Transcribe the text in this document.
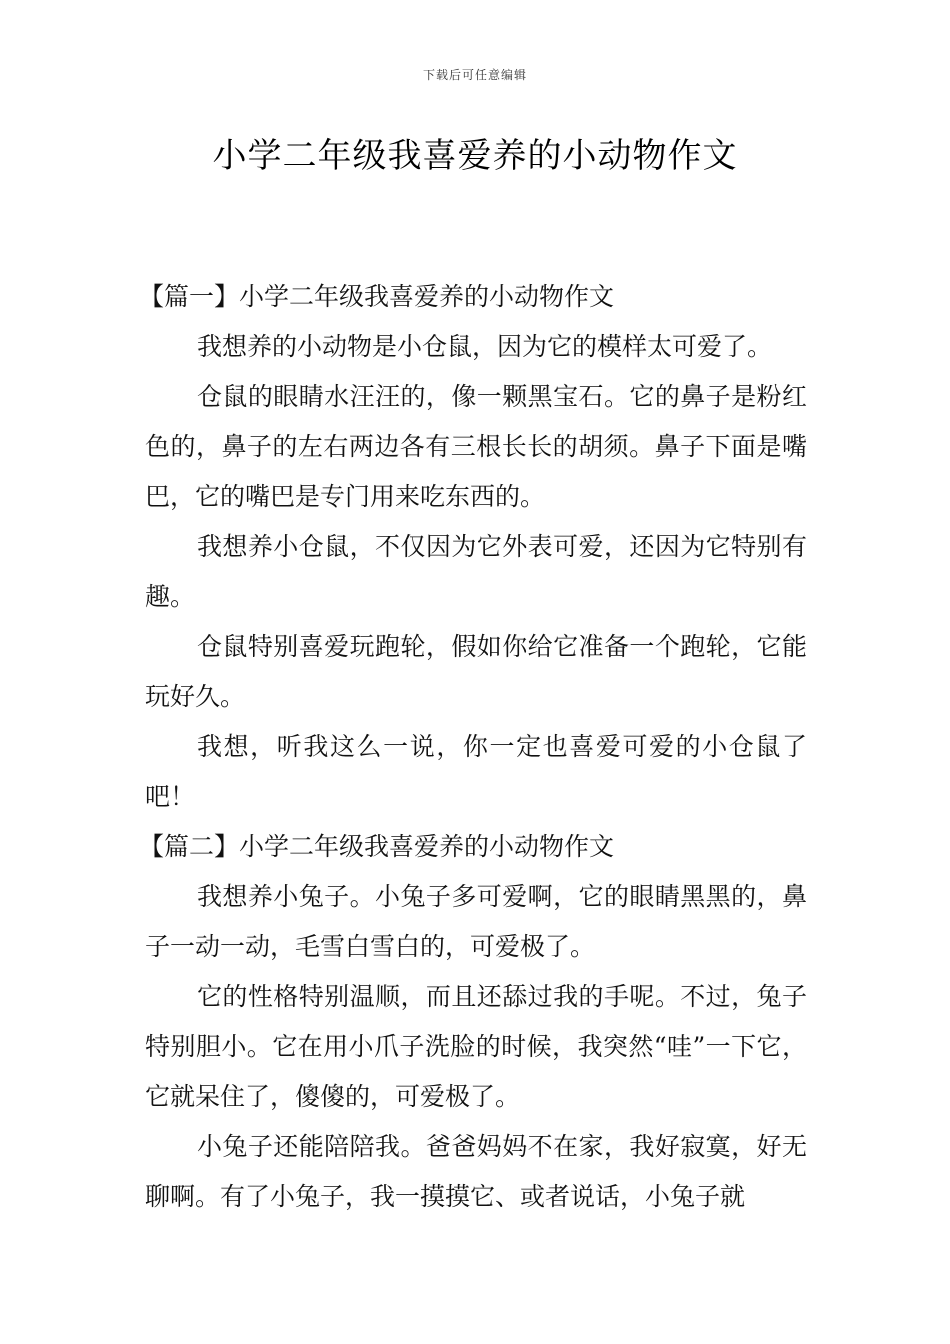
下载后可任意编辑
小学二年级我喜爱养的小动物作文
【篇一】小学二年级我喜爱养的小动物作文

我想养的小动物是小仓鼠，因为它的模样太可爱了。

仓鼠的眼睛水汪汪的，像一颗黑宝石。它的鼻子是粉红色的，鼻子的左右两边各有三根长长的胡须。鼻子下面是嘴巴，它的嘴巴是专门用来吃东西的。

我想养小仓鼠，不仅因为它外表可爱，还因为它特别有趣。

仓鼠特别喜爱玩跑轮，假如你给它准备一个跑轮，它能玩好久。

我想，听我这么一说，你一定也喜爱可爱的小仓鼠了吧！

【篇二】小学二年级我喜爱养的小动物作文

我想养小兔子。小兔子多可爱啊，它的眼睛黑黑的，鼻子一动一动，毛雪白雪白的，可爱极了。

它的性格特别温顺，而且还舔过我的手呢。不过，兔子特别胆小。它在用小爪子洗脸的时候，我突然“哇”一下它，它就呆住了，傻傻的，可爱极了。

小兔子还能陪陪我。爸爸妈妈不在家，我好寂寞，好无聊啊。有了小兔子，我一摸摸它、或者说话，小兔子就
